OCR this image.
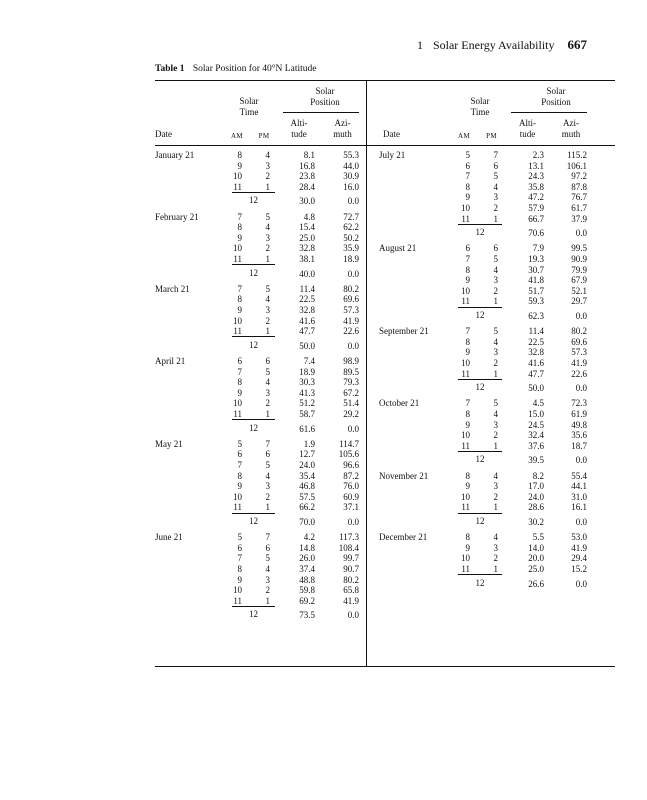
1 Solar Energy Availability 667
Table 1 Solar Position for 40°N Latitude
Solar
Time
Solar
Position
Alti-
tude
Azi-
muth
Date	AM	PM
Solar
Time
Solar
Position
Alti-
tude
Azi-
muth
Date	AM	PM
January 21	8	4	8.1	55.3
9	3	16.8	44.0
10	2	23.8	30.9
11	1	28.4	16.0
12	30.0	0.0
February 21	7	5	4.8	72.7
8	4	15.4	62.2
9	3	25.0	50.2
10	2	32.8	35.9
11	1	38.1	18.9
12	40.0	0.0
March 21	7	5	11.4	80.2
8	4	22.5	69.6
9	3	32.8	57.3
10	2	41.6	41.9
11	1	47.7	22.6
12	50.0	0.0
April 21	6	6	7.4	98.9
7	5	18.9	89.5
8	4	30.3	79.3
9	3	41.3	67.2
10	2	51.2	51.4
11	1	58.7	29.2
12	61.6	0.0
May 21	5	7	1.9	114.7
6	6	12.7	105.6
7	5	24.0	96.6
8	4	35.4	87.2
9	3	46.8	76.0
10	2	57.5	60.9
11	1	66.2	37.1
12	70.0	0.0
June 21	5	7	4.2	117.3
6	6	14.8	108.4
7	5	26.0	99.7
8	4	37.4	90.7
9	3	48.8	80.2
10	2	59.8	65.8
11	1	69.2	41.9
12	73.5	0.0
July 21	5	7	2.3	115.2
6	6	13.1	106.1
7	5	24.3	97.2
8	4	35.8	87.8
9	3	47.2	76.7
10	2	57.9	61.7
11	1	66.7	37.9
12	70.6	0.0
August 21	6	6	7.9	99.5
7	5	19.3	90.9
8	4	30.7	79.9
9	3	41.8	67.9
10	2	51.7	52.1
11	1	59.3	29.7
12	62.3	0.0
September 21	7	5	11.4	80.2
8	4	22.5	69.6
9	3	32.8	57.3
10	2	41.6	41.9
11	1	47.7	22.6
12	50.0	0.0
October 21	7	5	4.5	72.3
8	4	15.0	61.9
9	3	24.5	49.8
10	2	32.4	35.6
11	1	37.6	18.7
12	39.5	0.0
November 21	8	4	8.2	55.4
9	3	17.0	44.1
10	2	24.0	31.0
11	1	28.6	16.1
12	30.2	0.0
December 21	8	4	5.5	53.0
9	3	14.0	41.9
10	2	20.0	29.4
11	1	25.0	15.2
12	26.6	0.0
